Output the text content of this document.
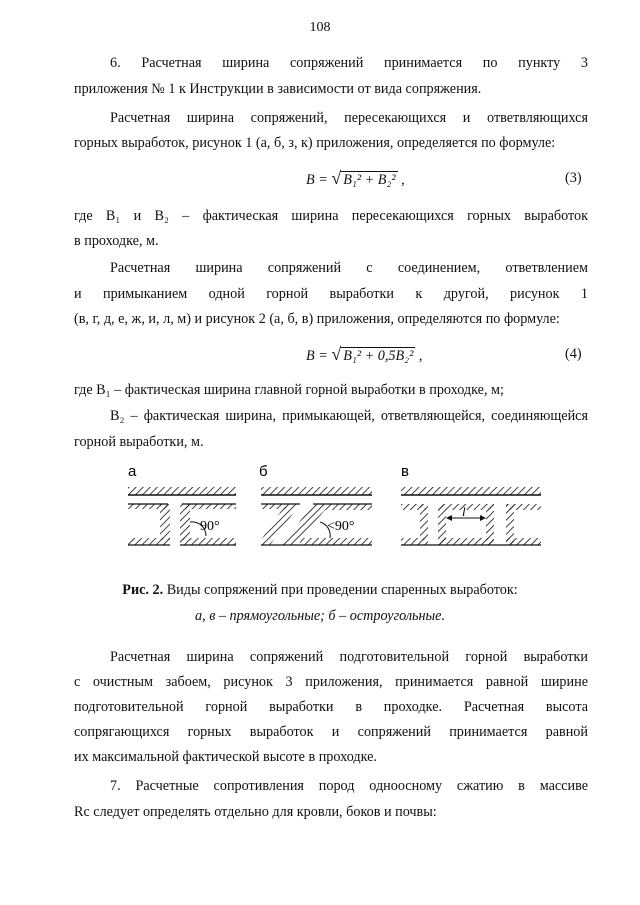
108
6. Расчетная ширина сопряжений принимается по пункту 3
приложения № 1 к Инструкции в зависимости от вида сопряжения.
Расчетная ширина сопряжений, пересекающихся и ответвляющихся
горных выработок, рисунок 1 (а, б, з, к) приложения, определяется по формуле:
B = √ B₁² + B₂² ,	(3)
где B₁ и B₂ – фактическая ширина пересекающихся горных выработок
в проходке, м.
Расчетная ширина сопряжений с соединением, ответвлением
и примыканием одной горной выработки к другой, рисунок 1
(в, г, д, е, ж, и, л, м) и рисунок 2 (а, б, в) приложения, определяются по формуле:
B = √ B₁² + 0,5B₂² ,	(4)
где B₁ – фактическая ширина главной горной выработки в проходке, м;
B₂ – фактическая ширина, примыкающей, ответвляющейся, соединяющейся
горной выработки, м.
а	б	в
90°	<90°
l
Рис. 2. Виды сопряжений при проведении спаренных выработок:
а, в – прямоугольные; б – остроугольные.
Расчетная ширина сопряжений подготовительной горной выработки
с очистным забоем, рисунок 3 приложения, принимается равной ширине
подготовительной горной выработки в проходке. Расчетная высота
сопрягающихся горных выработок и сопряжений принимается равной
их максимальной фактической высоте в проходке.
7. Расчетные сопротивления пород одноосному сжатию в массиве
Rс следует определять отдельно для кровли, боков и почвы:
